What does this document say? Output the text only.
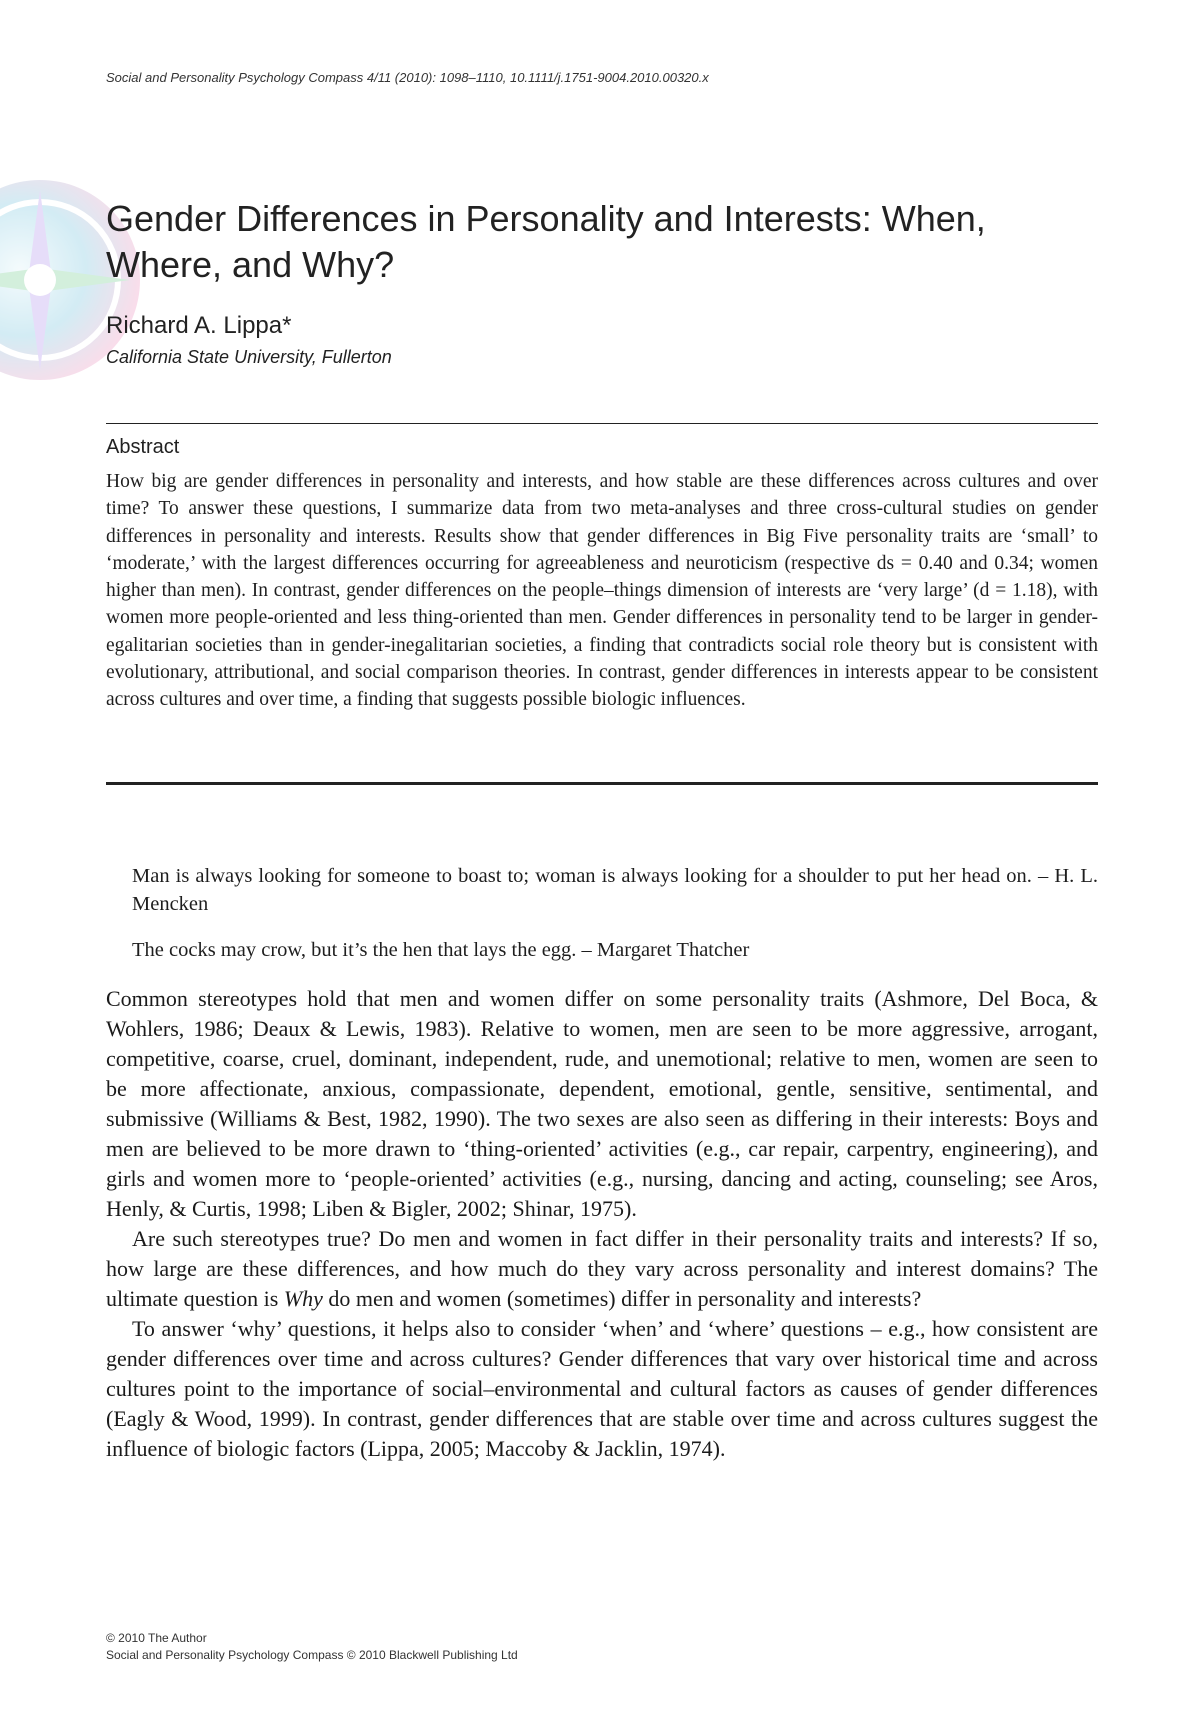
Social and Personality Psychology Compass 4/11 (2010): 1098–1110, 10.1111/j.1751-9004.2010.00320.x
Gender Differences in Personality and Interests: When, Where, and Why?

Richard A. Lippa*

California State University, Fullerton

Abstract

How big are gender differences in personality and interests, and how stable are these differences across cultures and over time? To answer these questions, I summarize data from two meta-analyses and three cross-cultural studies on gender differences in personality and interests. Results show that gender differences in Big Five personality traits are ‘small’ to ‘moderate,’ with the largest differences occurring for agreeableness and neuroticism (respective ds = 0.40 and 0.34; women higher than men). In contrast, gender differences on the people–things dimension of interests are ‘very large’ (d = 1.18), with women more people-oriented and less thing-oriented than men. Gender differences in personality tend to be larger in gender-egalitarian societies than in gender-inegalitarian societies, a finding that contradicts social role theory but is consistent with evolutionary, attributional, and social comparison theories. In contrast, gender differences in interests appear to be consistent across cultures and over time, a finding that suggests possible biologic influences.

Man is always looking for someone to boast to; woman is always looking for a shoulder to put her head on. – H. L. Mencken

The cocks may crow, but it’s the hen that lays the egg. – Margaret Thatcher

Common stereotypes hold that men and women differ on some personality traits (Ashmore, Del Boca, & Wohlers, 1986; Deaux & Lewis, 1983). Relative to women, men are seen to be more aggressive, arrogant, competitive, coarse, cruel, dominant, independent, rude, and unemotional; relative to men, women are seen to be more affectionate, anxious, compassionate, dependent, emotional, gentle, sensitive, sentimental, and submissive (Williams & Best, 1982, 1990). The two sexes are also seen as differing in their interests: Boys and men are believed to be more drawn to ‘thing-oriented’ activities (e.g., car repair, carpentry, engineering), and girls and women more to ‘people-oriented’ activities (e.g., nursing, dancing and acting, counseling; see Aros, Henly, & Curtis, 1998; Liben & Bigler, 2002; Shinar, 1975).

Are such stereotypes true? Do men and women in fact differ in their personality traits and interests? If so, how large are these differences, and how much do they vary across personality and interest domains? The ultimate question is Why do men and women (sometimes) differ in personality and interests?

To answer ‘why’ questions, it helps also to consider ‘when’ and ‘where’ questions – e.g., how consistent are gender differences over time and across cultures? Gender differences that vary over historical time and across cultures point to the importance of social–environmental and cultural factors as causes of gender differences (Eagly & Wood, 1999). In contrast, gender differences that are stable over time and across cultures suggest the influence of biologic factors (Lippa, 2005; Maccoby & Jacklin, 1974).

© 2010 The Author
Social and Personality Psychology Compass © 2010 Blackwell Publishing Ltd
